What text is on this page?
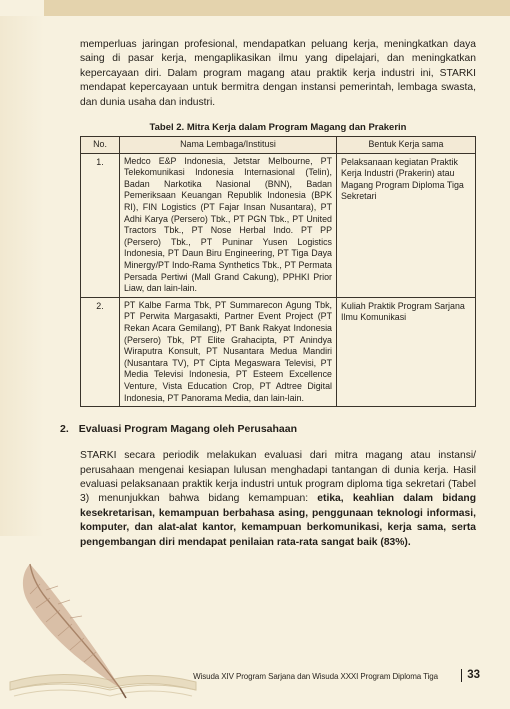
memperluas jaringan profesional, mendapatkan peluang kerja, meningkatkan daya saing di pasar kerja, mengaplikasikan ilmu yang dipelajari, dan meningkatkan kepercayaan diri. Dalam program magang atau praktik kerja industri ini, STARKI mendapat kepercayaan untuk bermitra dengan instansi pemerintah, lembaga swasta, dan dunia usaha dan industri.

Tabel 2. Mitra Kerja dalam Program Magang dan Prakerin
No.	Nama Lembaga/Institusi	Bentuk Kerja sama
1.	Medco E&P Indonesia, Jetstar Melbourne, PT Telekomunikasi Indonesia Internasional (Telin), Badan Narkotika Nasional (BNN), Badan Pemeriksaan Keuangan Republik Indonesia (BPK RI), FIN Logistics (PT Fajar Insan Nusantara), PT Adhi Karya (Persero) Tbk., PT PGN Tbk., PT United Tractors Tbk., PT Nose Herbal Indo. PT PP (Persero) Tbk., PT Puninar Yusen Logistics Indonesia, PT Daun Biru Engineering, PT Tiga Daya Minergy/PT Indo-Rama Synthetics Tbk., PT Permata Persada Pertiwi (Mall Grand Cakung), PPHKI Prior Liaw, dan lain-lain.	Pelaksanaan kegiatan Praktik Kerja Industri (Prakerin) atau Magang Program Diploma Tiga Sekretari
2.	PT Kalbe Farma Tbk, PT Summarecon Agung Tbk, PT Perwita Margasakti, Partner Event Project (PT Rekan Acara Gemilang), PT Bank Rakyat Indonesia (Persero) Tbk, PT Elite Grahacipta, PT Anindya Wiraputra Konsult, PT Nusantara Medua Mandiri (Nusantara TV), PT Cipta Megaswara Televisi, PT Media Televisi Indonesia, PT Esteem Excellence Venture, Vista Education Crop, PT Adtree Digital Indonesia, PT Panorama Media, dan lain-lain.	Kuliah Praktik Program Sarjana Ilmu Komunikasi
2. Evaluasi Program Magang oleh Perusahaan

STARKI secara periodik melakukan evaluasi dari mitra magang atau instansi/ perusahaan mengenai kesiapan lulusan menghadapi tantangan di dunia kerja. Hasil evaluasi pelaksanaan praktik kerja industri untuk program diploma tiga sekretari (Tabel 3) menunjukkan bahwa bidang kemampuan: etika, keahlian dalam bidang kesekretarisan, kemampuan berbahasa asing, penggunaan teknologi informasi, komputer, dan alat-alat kantor, kemampuan berkomunikasi, kerja sama, serta pengembangan diri mendapat penilaian rata-rata sangat baik (83%).

Wisuda XIV Program Sarjana dan Wisuda XXXI Program Diploma Tiga	33
